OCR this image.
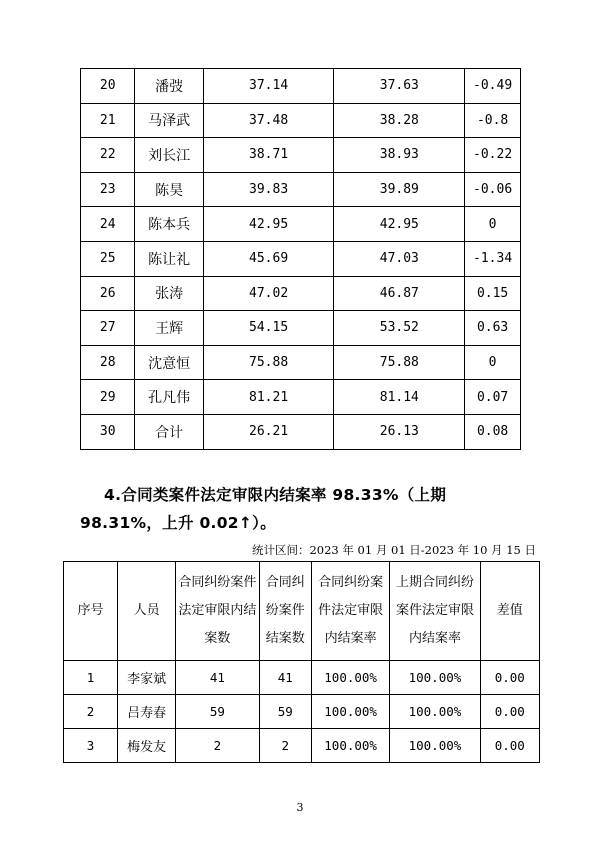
20	潘弢	37.14	37.63	-0.49
21	马泽武	37.48	38.28	-0.8
22	刘长江	38.71	38.93	-0.22
23	陈昊	39.83	39.89	-0.06
24	陈本兵	42.95	42.95	0
25	陈让礼	45.69	47.03	-1.34
26	张涛	47.02	46.87	0.15
27	王辉	54.15	53.52	0.63
28	沈意恒	75.88	75.88	0
29	孔凡伟	81.21	81.14	0.07
30	合计	26.21	26.13	0.08
4.合同类案件法定审限内结案率 98.33%（上期 98.31%，上升 0.02↑）。
统计区间：2023 年 01 月 01 日-2023 年 10 月 15 日
序号	人员	合同纠纷案件法定审限内结案数	合同纠纷案件结案数	合同纠纷案件法定审限内结案率	上期合同纠纷案件法定审限内结案率	差值
1	李家斌	41	41	100.00%	100.00%	0.00
2	吕寿春	59	59	100.00%	100.00%	0.00
3	梅发友	2	2	100.00%	100.00%	0.00
3
